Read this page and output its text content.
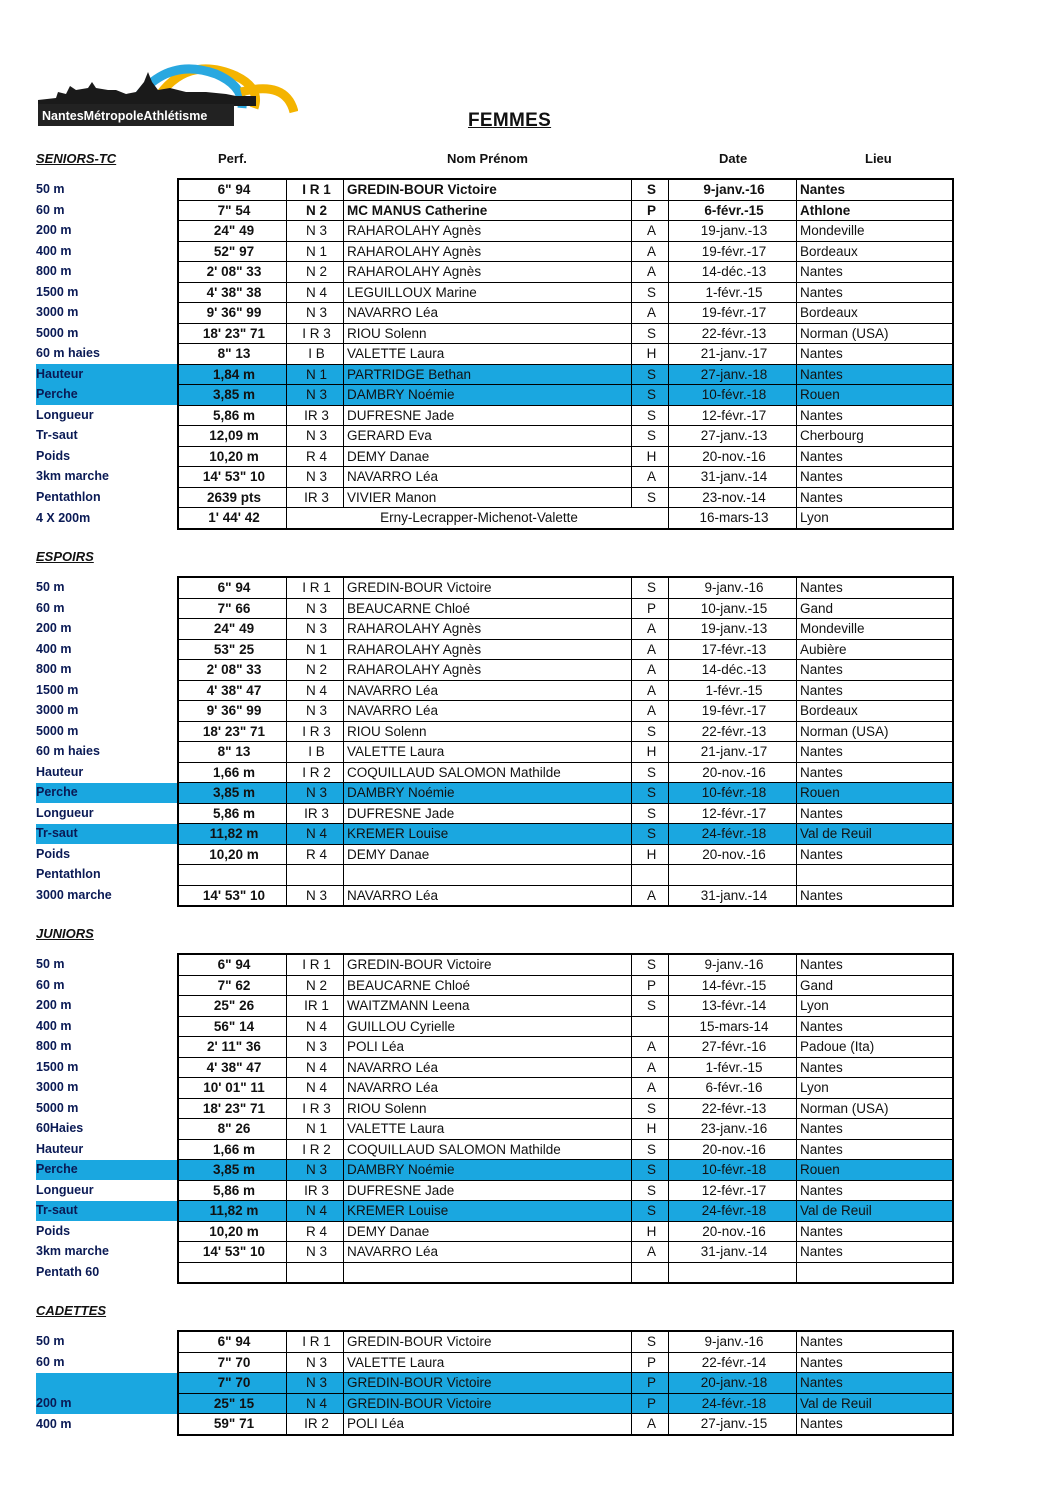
NantesMétropoleAthlétisme	FEMMES
Perf.	Nom Prénom	Date	Lieu
SENIORS-TC
50 m	6" 94	I R 1	GREDIN-BOUR Victoire	S	9-janv.-16	Nantes
60 m	7" 54	N 2	MC MANUS Catherine	P	6-févr.-15	Athlone
200 m	24" 49	N 3	RAHAROLAHY Agnès	A	19-janv.-13	Mondeville
400 m	52" 97	N 1	RAHAROLAHY Agnès	A	19-févr.-17	Bordeaux
800 m	2' 08" 33	N 2	RAHAROLAHY Agnès	A	14-déc.-13	Nantes
1500 m	4' 38" 38	N 4	LEGUILLOUX Marine	S	1-févr.-15	Nantes
3000 m	9' 36" 99	N 3	NAVARRO Léa	A	19-févr.-17	Bordeaux
5000 m	18' 23" 71	I R 3	RIOU Solenn	S	22-févr.-13	Norman (USA)
60 m haies	8" 13	I B	VALETTE Laura	H	21-janv.-17	Nantes
Hauteur	1,84 m	N 1	PARTRIDGE Bethan	S	27-janv.-18	Nantes
Perche	3,85 m	N 3	DAMBRY Noémie	S	10-févr.-18	Rouen
Longueur	5,86 m	IR 3	DUFRESNE Jade	S	12-févr.-17	Nantes
Tr-saut	12,09 m	N 3	GERARD Eva	S	27-janv.-13	Cherbourg
Poids	10,20 m	R 4	DEMY Danae	H	20-nov.-16	Nantes
3km marche	14' 53" 10	N 3	NAVARRO Léa	A	31-janv.-14	Nantes
Pentathlon	2639 pts	IR 3	VIVIER Manon	S	23-nov.-14	Nantes
4 X 200m	1' 44' 42	Erny-Lecrapper-Michenot-Valette			16-mars-13	Lyon
ESPOIRS
50 m	6" 94	I R 1	GREDIN-BOUR Victoire	S	9-janv.-16	Nantes
60 m	7" 66	N 3	BEAUCARNE Chloé	P	10-janv.-15	Gand
200 m	24" 49	N 3	RAHAROLAHY Agnès	A	19-janv.-13	Mondeville
400 m	53" 25	N 1	RAHAROLAHY Agnès	A	17-févr.-13	Aubière
800 m	2' 08" 33	N 2	RAHAROLAHY Agnès	A	14-déc.-13	Nantes
1500 m	4' 38" 47	N 4	NAVARRO Léa	A	1-févr.-15	Nantes
3000 m	9' 36" 99	N 3	NAVARRO Léa	A	19-févr.-17	Bordeaux
5000 m	18' 23" 71	I R 3	RIOU Solenn	S	22-févr.-13	Norman (USA)
60 m haies	8" 13	I B	VALETTE Laura	H	21-janv.-17	Nantes
Hauteur	1,66 m	I R 2	COQUILLAUD SALOMON Mathilde	S	20-nov.-16	Nantes
Perche	3,85 m	N 3	DAMBRY Noémie	S	10-févr.-18	Rouen
Longueur	5,86 m	IR 3	DUFRESNE Jade	S	12-févr.-17	Nantes
Tr-saut	11,82 m	N 4	KREMER Louise	S	24-févr.-18	Val de Reuil
Poids	10,20 m	R 4	DEMY Danae	H	20-nov.-16	Nantes
Pentathlon						
3000 marche	14' 53" 10	N 3	NAVARRO Léa	A	31-janv.-14	Nantes
JUNIORS
50 m	6" 94	I R 1	GREDIN-BOUR Victoire	S	9-janv.-16	Nantes
60 m	7" 62	N 2	BEAUCARNE Chloé	P	14-févr.-15	Gand
200 m	25" 26	IR 1	WAITZMANN Leena	S	13-févr.-14	Lyon
400 m	56" 14	N 4	GUILLOU Cyrielle		15-mars-14	Nantes
800 m	2' 11" 36	N 3	POLI Léa	A	27-févr.-16	Padoue (Ita)
1500 m	4' 38" 47	N 4	NAVARRO Léa	A	1-févr.-15	Nantes
3000 m	10' 01" 11	N 4	NAVARRO Léa	A	6-févr.-16	Lyon
5000 m	18' 23" 71	I R 3	RIOU Solenn	S	22-févr.-13	Norman (USA)
60Haies	8" 26	N 1	VALETTE Laura	H	23-janv.-16	Nantes
Hauteur	1,66 m	I R 2	COQUILLAUD SALOMON Mathilde	S	20-nov.-16	Nantes
Perche	3,85 m	N 3	DAMBRY Noémie	S	10-févr.-18	Rouen
Longueur	5,86 m	IR 3	DUFRESNE Jade	S	12-févr.-17	Nantes
Tr-saut	11,82 m	N 4	KREMER Louise	S	24-févr.-18	Val de Reuil
Poids	10,20 m	R 4	DEMY Danae	H	20-nov.-16	Nantes
3km marche	14' 53" 10	N 3	NAVARRO Léa	A	31-janv.-14	Nantes
Pentath 60						
CADETTES
50 m	6" 94	I R 1	GREDIN-BOUR Victoire	S	9-janv.-16	Nantes
60 m	7" 70	N 3	VALETTE Laura	P	22-févr.-14	Nantes
	7" 70	N 3	GREDIN-BOUR Victoire	P	20-janv.-18	Nantes
200 m	25" 15	N 4	GREDIN-BOUR Victoire	P	24-févr.-18	Val de Reuil
400 m	59" 71	IR 2	POLI Léa	A	27-janv.-15	Nantes
